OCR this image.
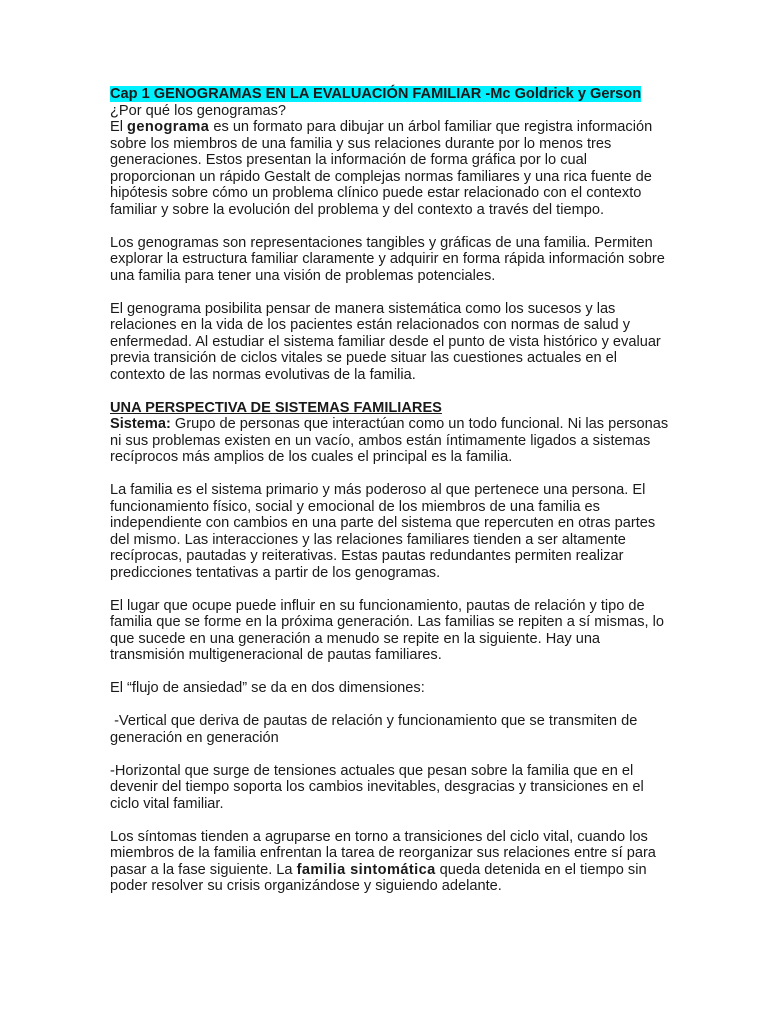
Cap 1 GENOGRAMAS EN LA EVALUACIÓN FAMILIAR -Mc Goldrick y Gerson

¿Por qué los genogramas?

El genograma es un formato para dibujar un árbol familiar que registra información sobre los miembros de una familia y sus relaciones durante por lo menos tres generaciones. Estos presentan la información de forma gráfica por lo cual proporcionan un rápido Gestalt de complejas normas familiares y una rica fuente de hipótesis sobre cómo un problema clínico puede estar relacionado con el contexto familiar y sobre la evolución del problema y del contexto a través del tiempo.

Los genogramas son representaciones tangibles y gráficas de una familia. Permiten explorar la estructura familiar claramente y adquirir en forma rápida información sobre una familia para tener una visión de problemas potenciales.

El genograma posibilita pensar de manera sistemática como los sucesos y las relaciones en la vida de los pacientes están relacionados con normas de salud y enfermedad. Al estudiar el sistema familiar desde el punto de vista histórico y evaluar previa transición de ciclos vitales se puede situar las cuestiones actuales en el contexto de las normas evolutivas de la familia.

UNA PERSPECTIVA DE SISTEMAS FAMILIARES

Sistema: Grupo de personas que interactúan como un todo funcional. Ni las personas ni sus problemas existen en un vacío, ambos están íntimamente ligados a sistemas recíprocos más amplios de los cuales el principal es la familia.

La familia es el sistema primario y más poderoso al que pertenece una persona. El funcionamiento físico, social y emocional de los miembros de una familia es independiente con cambios en una parte del sistema que repercuten en otras partes del mismo. Las interacciones y las relaciones familiares tienden a ser altamente recíprocas, pautadas y reiterativas. Estas pautas redundantes permiten realizar predicciones tentativas a partir de los genogramas.

El lugar que ocupe puede influir en su funcionamiento, pautas de relación y tipo de familia que se forme en la próxima generación. Las familias se repiten a sí mismas, lo que sucede en una generación a menudo se repite en la siguiente. Hay una transmisión multigeneracional de pautas familiares.

El “flujo de ansiedad” se da en dos dimensiones:

-Vertical que deriva de pautas de relación y funcionamiento que se transmiten de generación en generación

-Horizontal que surge de tensiones actuales que pesan sobre la familia que en el devenir del tiempo soporta los cambios inevitables, desgracias y transiciones en el ciclo vital familiar.

Los síntomas tienden a agruparse en torno a transiciones del ciclo vital, cuando los miembros de la familia enfrentan la tarea de reorganizar sus relaciones entre sí para pasar a la fase siguiente. La familia sintomática queda detenida en el tiempo sin poder resolver su crisis organizándose y siguiendo adelante.
